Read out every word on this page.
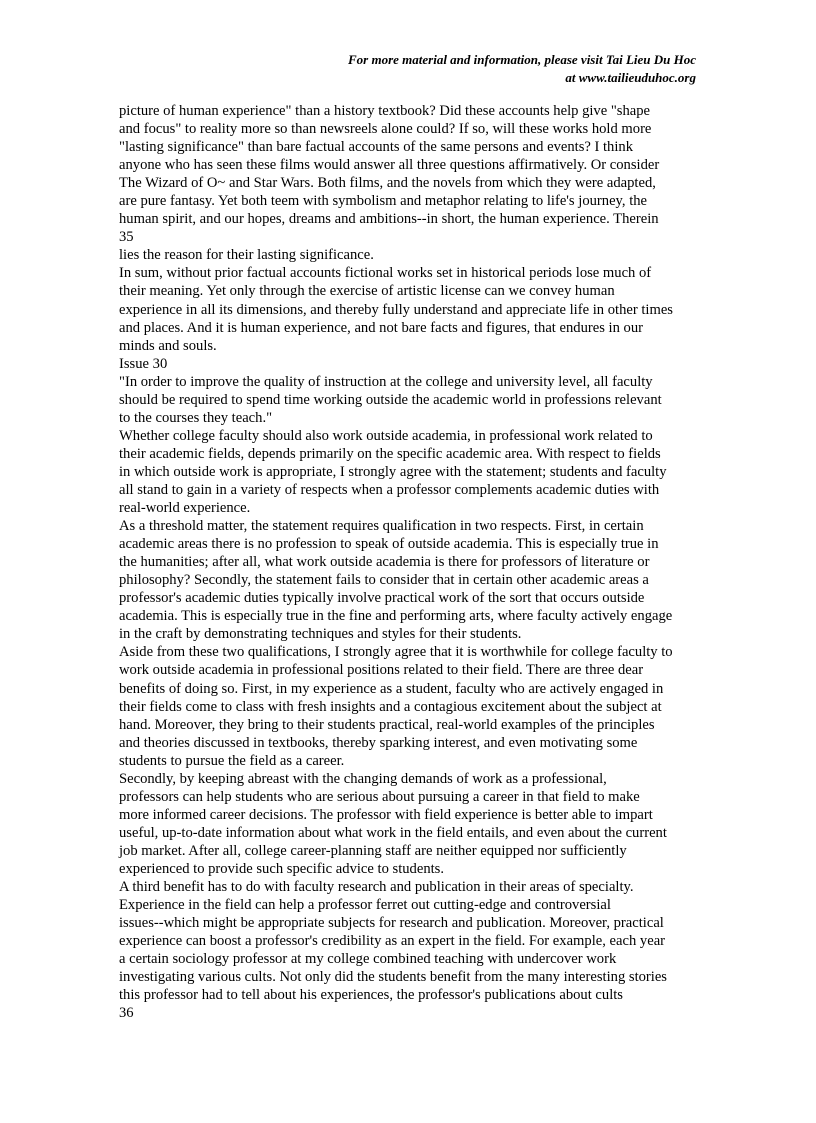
For more material and information, please visit Tai Lieu Du Hoc
at www.tailieuduhoc.org
picture of human experience" than a history textbook? Did these accounts help give "shape
and focus" to reality more so than newsreels alone could? If so, will these works hold more
"lasting significance" than bare factual accounts of the same persons and events? I think
anyone who has seen these films would answer all three questions affirmatively. Or consider
The Wizard of O~ and Star Wars. Both films, and the novels from which they were adapted,
are pure fantasy. Yet both teem with symbolism and metaphor relating to life's journey, the
human spirit, and our hopes, dreams and ambitions--in short, the human experience. Therein
35
lies the reason for their lasting significance.
In sum, without prior factual accounts fictional works set in historical periods lose much of
their meaning. Yet only through the exercise of artistic license can we convey human
experience in all its dimensions, and thereby fully understand and appreciate life in other times
and places. And it is human experience, and not bare facts and figures, that endures in our
minds and souls.
Issue 30
"In order to improve the quality of instruction at the college and university level, all faculty
should be required to spend time working outside the academic world in professions relevant
to the courses they teach."
Whether college faculty should also work outside academia, in professional work related to
their academic fields, depends primarily on the specific academic area. With respect to fields
in which outside work is appropriate, I strongly agree with the statement; students and faculty
all stand to gain in a variety of respects when a professor complements academic duties with
real-world experience.
As a threshold matter, the statement requires qualification in two respects. First, in certain
academic areas there is no profession to speak of outside academia. This is especially true in
the humanities; after all, what work outside academia is there for professors of literature or
philosophy? Secondly, the statement fails to consider that in certain other academic areas a
professor's academic duties typically involve practical work of the sort that occurs outside
academia. This is especially true in the fine and performing arts, where faculty actively engage
in the craft by demonstrating techniques and styles for their students.
Aside from these two qualifications, I strongly agree that it is worthwhile for college faculty to
work outside academia in professional positions related to their field. There are three dear
benefits of doing so. First, in my experience as a student, faculty who are actively engaged in
their fields come to class with fresh insights and a contagious excitement about the subject at
hand. Moreover, they bring to their students practical, real-world examples of the principles
and theories discussed in textbooks, thereby sparking interest, and even motivating some
students to pursue the field as a career.
Secondly, by keeping abreast with the changing demands of work as a professional,
professors can help students who are serious about pursuing a career in that field to make
more informed career decisions. The professor with field experience is better able to impart
useful, up-to-date information about what work in the field entails, and even about the current
job market. After all, college career-planning staff are neither equipped nor sufficiently
experienced to provide such specific advice to students.
A third benefit has to do with faculty research and publication in their areas of specialty.
Experience in the field can help a professor ferret out cutting-edge and controversial
issues--which might be appropriate subjects for research and publication. Moreover, practical
experience can boost a professor's credibility as an expert in the field. For example, each year
a certain sociology professor at my college combined teaching with undercover work
investigating various cults. Not only did the students benefit from the many interesting stories
this professor had to tell about his experiences, the professor's publications about cults
36
